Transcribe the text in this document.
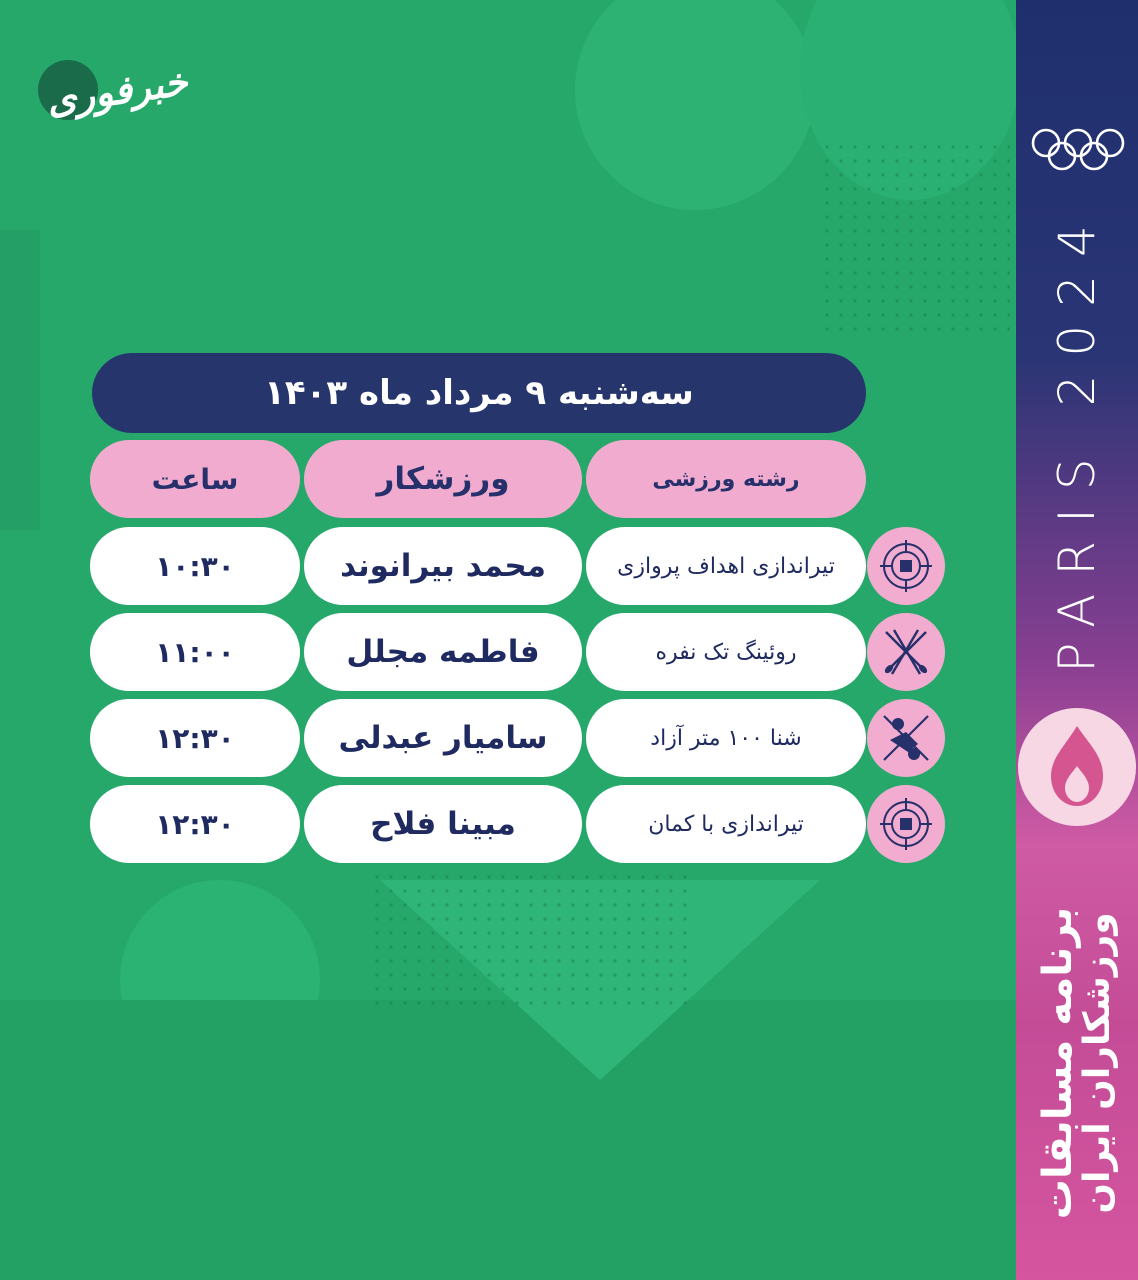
خبرفوری
PARIS 2024
برنامه مسابقات
ورزشکاران ایران
سه‌شنبه ۹ مرداد ماه ۱۴۰۳
رشته ورزشی
ورزشکار
ساعت
تیراندازی اهداف پروازی
محمد بیرانوند
۱۰:۳۰
روئینگ تک نفره
فاطمه مجلل
۱۱:۰۰
شنا ۱۰۰ متر آزاد
سامیار عبدلی
۱۲:۳۰
تیراندازی با کمان
مبینا فلاح
۱۲:۳۰
